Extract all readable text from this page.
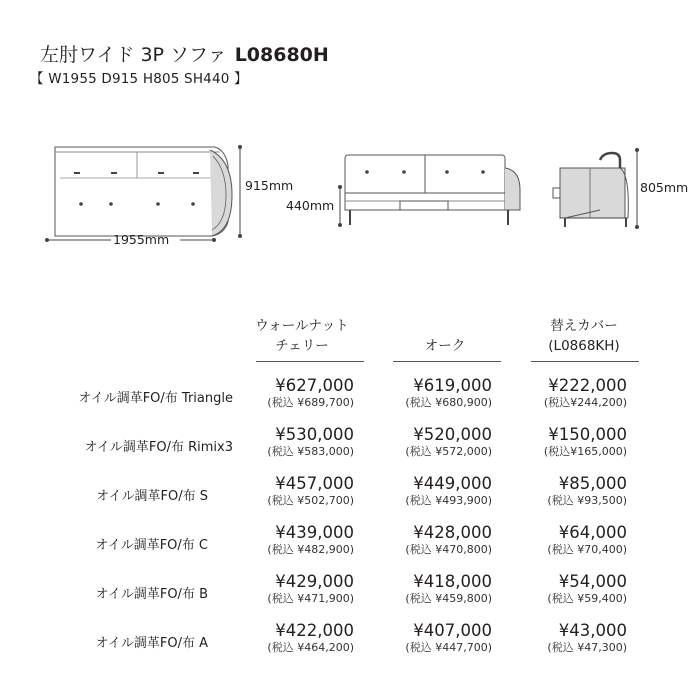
左肘ワイド 3P ソファ L08680H
【 W1955 D915 H805 SH440 】
915mm
1955mm
440mm
805mm
ウォールナット
チェリー	オーク
替えカバー
(L0868KH)
オイル調革FO/布 Triangle
¥627,000
(税込 ¥689,700)
¥619,000
(税込 ¥680,900)
¥222,000
(税込¥244,200)
オイル調革FO/布 Rimix3
¥530,000
(税込 ¥583,000)
¥520,000
(税込 ¥572,000)
¥150,000
(税込¥165,000)
オイル調革FO/布 S
¥457,000
(税込 ¥502,700)
¥449,000
(税込 ¥493,900)
¥85,000
(税込 ¥93,500)
オイル調革FO/布 C
¥439,000
(税込 ¥482,900)
¥428,000
(税込 ¥470,800)
¥64,000
(税込 ¥70,400)
オイル調革FO/布 B
¥429,000
(税込 ¥471,900)
¥418,000
(税込 ¥459,800)
¥54,000
(税込 ¥59,400)
オイル調革FO/布 A
¥422,000
(税込 ¥464,200)
¥407,000
(税込 ¥447,700)
¥43,000
(税込 ¥47,300)
